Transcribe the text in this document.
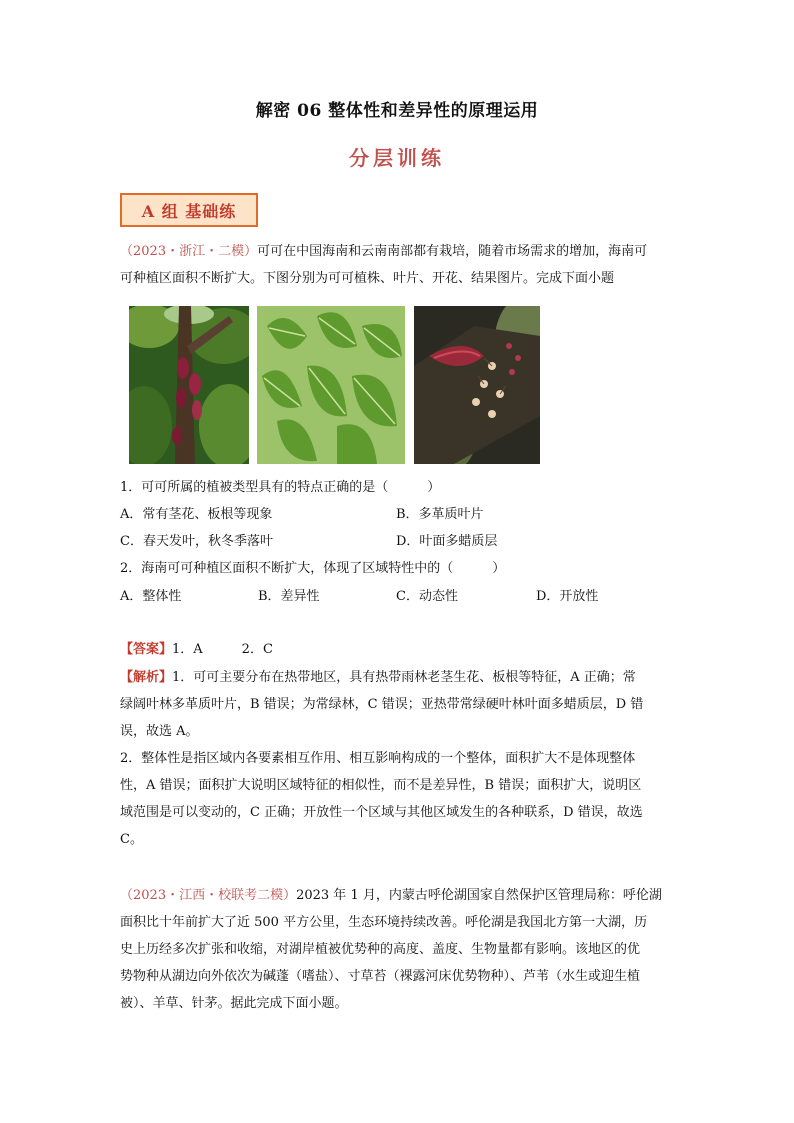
解密 06 整体性和差异性的原理运用
分层训练
A 组 基础练
（2023・浙江・二模）可可在中国海南和云南南部都有栽培，随着市场需求的增加，海南可
可种植区面积不断扩大。下图分别为可可植株、叶片、开花、结果图片。完成下面小题
1．可可所属的植被类型具有的特点正确的是（　　　）
A．常有茎花、板根等现象	B．多革质叶片
C．春天发叶，秋冬季落叶	D．叶面多蜡质层
2．海南可可种植区面积不断扩大，体现了区域特性中的（　　　）
A．整体性	B．差异性	C．动态性	D．开放性
【答案】1．A　　　2．C
【解析】1．可可主要分布在热带地区，具有热带雨林老茎生花、板根等特征，A 正确；常
绿阔叶林多革质叶片，B 错误；为常绿林，C 错误；亚热带常绿硬叶林叶面多蜡质层，D 错
误，故选 A。
2．整体性是指区域内各要素相互作用、相互影响构成的一个整体，面积扩大不是体现整体
性，A 错误；面积扩大说明区域特征的相似性，而不是差异性，B 错误；面积扩大，说明区
域范围是可以变动的，C 正确；开放性一个区域与其他区域发生的各种联系，D 错误，故选
C。
（2023・江西・校联考二模）2023 年 1 月，内蒙古呼伦湖国家自然保护区管理局称：呼伦湖
面积比十年前扩大了近 500 平方公里，生态环境持续改善。呼伦湖是我国北方第一大湖，历
史上历经多次扩张和收缩，对湖岸植被优势种的高度、盖度、生物量都有影响。该地区的优
势物种从湖边向外依次为碱蓬（嗜盐）、寸草苔（裸露河床优势物种）、芦苇（水生或迎生植
被）、羊草、针茅。据此完成下面小题。
